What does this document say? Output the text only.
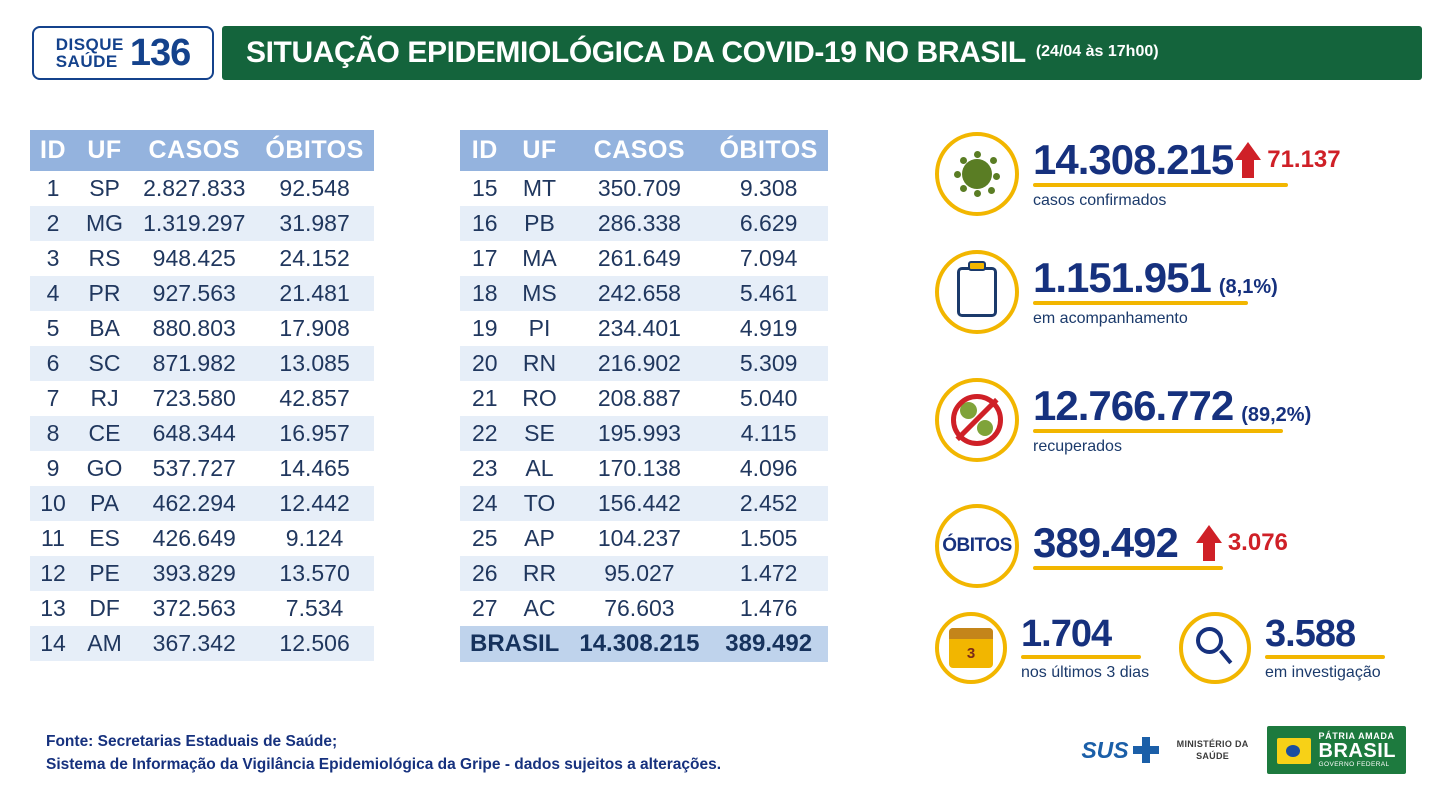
DISQUE
SAÚDE 136	SITUAÇÃO EPIDEMIOLÓGICA DA COVID-19 NO BRASIL (24/04 às 17h00)
ID	UF	CASOS	ÓBITOS
1	SP	2.827.833	92.548
2	MG	1.319.297	31.987
3	RS	948.425	24.152
4	PR	927.563	21.481
5	BA	880.803	17.908
6	SC	871.982	13.085
7	RJ	723.580	42.857
8	CE	648.344	16.957
9	GO	537.727	14.465
10	PA	462.294	12.442
11	ES	426.649	9.124
12	PE	393.829	13.570
13	DF	372.563	7.534
14	AM	367.342	12.506
ID	UF	CASOS	ÓBITOS
15	MT	350.709	9.308
16	PB	286.338	6.629
17	MA	261.649	7.094
18	MS	242.658	5.461
19	PI	234.401	4.919
20	RN	216.902	5.309
21	RO	208.887	5.040
22	SE	195.993	4.115
23	AL	170.138	4.096
24	TO	156.442	2.452
25	AP	104.237	1.505
26	RR	95.027	1.472
27	AC	76.603	1.476
BRASIL		14.308.215	389.492
14.308.215 71.137
casos confirmados
1.151.951 (8,1%)
em acompanhamento
12.766.772 (89,2%)
recuperados
ÓBITOS 389.492 3.076
3	1.704
nos últimos 3 dias
3.588
em investigação
Fonte: Secretarias Estaduais de Saúde;
Sistema de Informação da Vigilância Epidemiológica da Gripe - dados sujeitos a alterações.
SUS	MINISTÉRIO DA
SAÚDE
PÁTRIA AMADA
BRASIL
GOVERNO FEDERAL
